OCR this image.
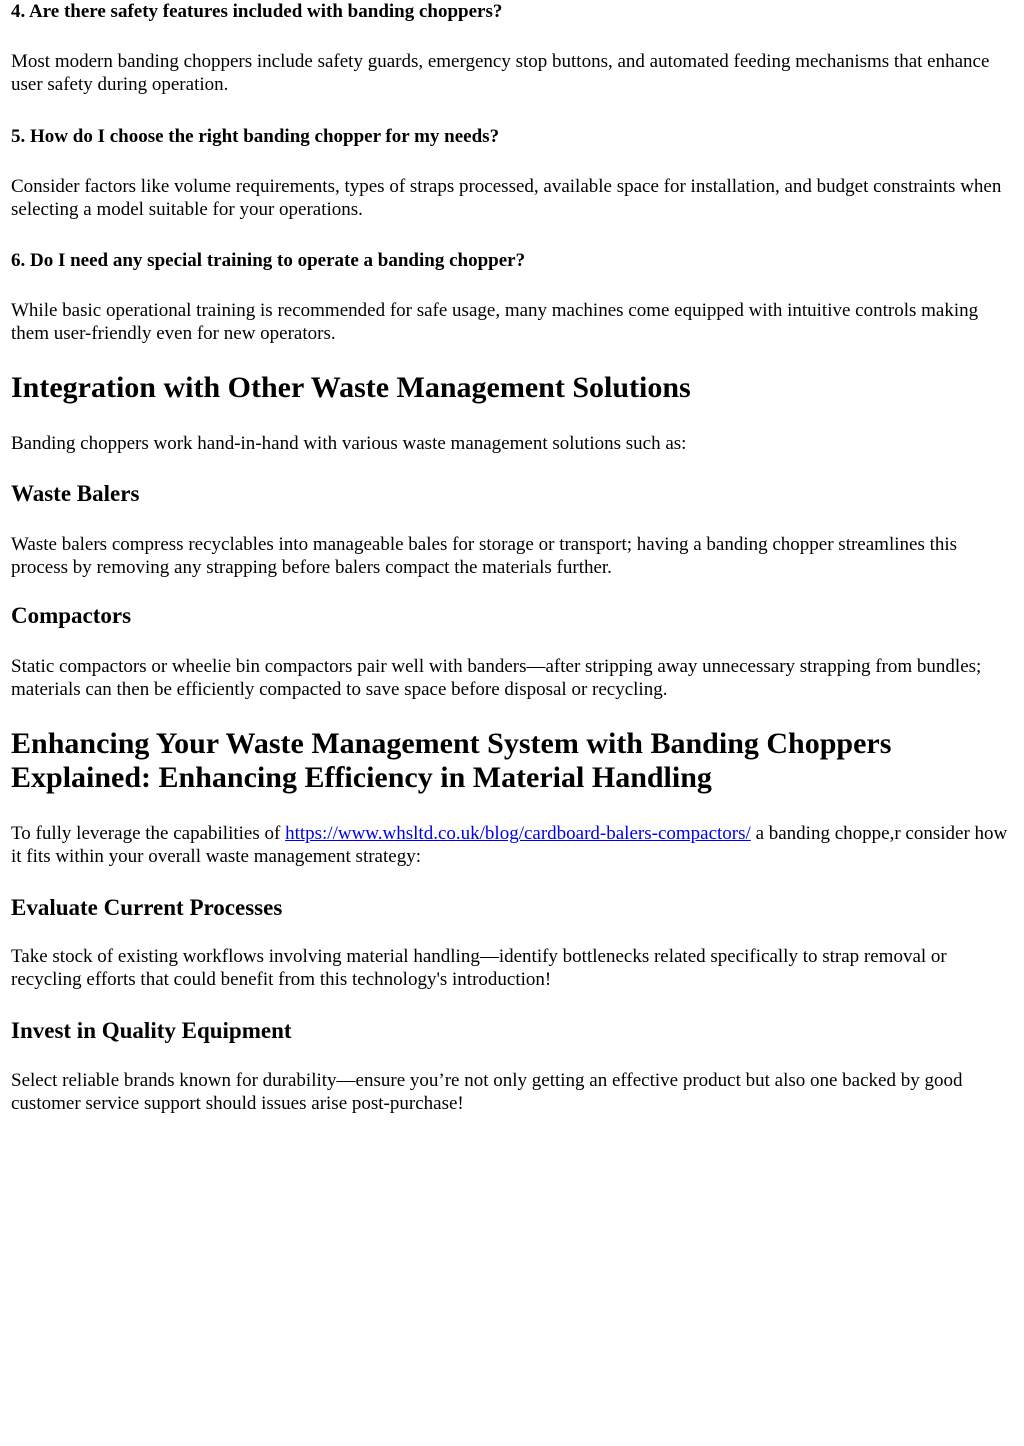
4. Are there safety features included with banding choppers?

Most modern banding choppers include safety guards, emergency stop buttons, and automated feeding mechanisms that enhance user safety during operation.

5. How do I choose the right banding chopper for my needs?

Consider factors like volume requirements, types of straps processed, available space for installation, and budget constraints when selecting a model suitable for your operations.

6. Do I need any special training to operate a banding chopper?

While basic operational training is recommended for safe usage, many machines come equipped with intuitive controls making them user-friendly even for new operators.

Integration with Other Waste Management Solutions

Banding choppers work hand-in-hand with various waste management solutions such as:

Waste Balers

Waste balers compress recyclables into manageable bales for storage or transport; having a banding chopper streamlines this process by removing any strapping before balers compact the materials further.

Compactors

Static compactors or wheelie bin compactors pair well with banders—after stripping away unnecessary strapping from bundles; materials can then be efficiently compacted to save space before disposal or recycling.

Enhancing Your Waste Management System with Banding Choppers Explained: Enhancing Efficiency in Material Handling

To fully leverage the capabilities of https://www.whsltd.co.uk/blog/cardboard-balers-compactors/ a banding choppe,r consider how it fits within your overall waste management strategy:

Evaluate Current Processes

Take stock of existing workflows involving material handling—identify bottlenecks related specifically to strap removal or recycling efforts that could benefit from this technology's introduction!

Invest in Quality Equipment

Select reliable brands known for durability—ensure you’re not only getting an effective product but also one backed by good customer service support should issues arise post-purchase!
